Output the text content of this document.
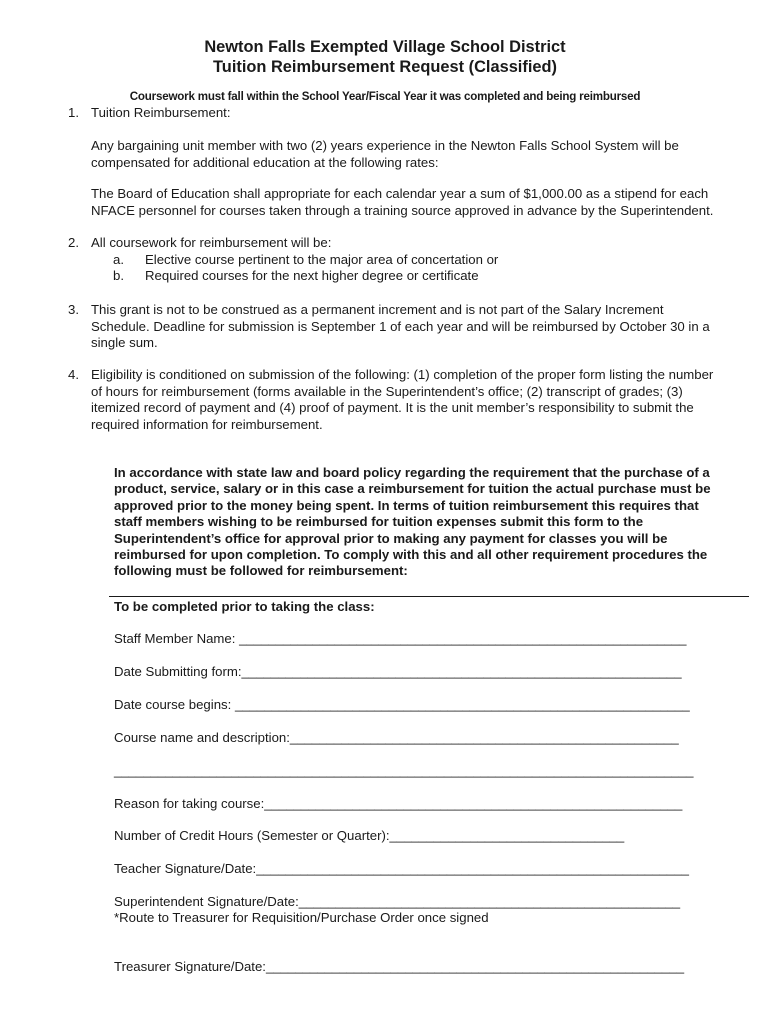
Newton Falls Exempted Village School District
Tuition Reimbursement Request (Classified)
Coursework must fall within the School Year/Fiscal Year it was completed and being reimbursed
1. Tuition Reimbursement:
Any bargaining unit member with two (2) years experience in the Newton Falls School System will be
compensated for additional education at the following rates:
The Board of Education shall appropriate for each calendar year a sum of $1,000.00 as a stipend for each
NFACE personnel for courses taken through a training source approved in advance by the Superintendent.
2. All coursework for reimbursement will be:
a. Elective course pertinent to the major area of concertation or
b. Required courses for the next higher degree or certificate
3. This grant is not to be construed as a permanent increment and is not part of the Salary Increment
Schedule. Deadline for submission is September 1 of each year and will be reimbursed by October 30 in a
single sum.
4. Eligibility is conditioned on submission of the following: (1) completion of the proper form listing the number
of hours for reimbursement (forms available in the Superintendent’s office; (2) transcript of grades; (3)
itemized record of payment and (4) proof of payment. It is the unit member’s responsibility to submit the
required information for reimbursement.
In accordance with state law and board policy regarding the requirement that the purchase of a
product, service, salary or in this case a reimbursement for tuition the actual purchase must be
approved prior to the money being spent. In terms of tuition reimbursement this requires that
staff members wishing to be reimbursed for tuition expenses submit this form to the
Superintendent’s office for approval prior to making any payment for classes you will be
reimbursed for upon completion. To comply with this and all other requirement procedures the
following must be followed for reimbursement:
To be completed prior to taking the class:
Staff Member Name: _____________________________________________________________
Date Submitting form:____________________________________________________________
Date course begins: ______________________________________________________________
Course name and description:_____________________________________________________
_______________________________________________________________________________
Reason for taking course:_________________________________________________________
Number of Credit Hours (Semester or Quarter):________________________________
Teacher Signature/Date:___________________________________________________________
Superintendent Signature/Date:____________________________________________________
*Route to Treasurer for Requisition/Purchase Order once signed
Treasurer Signature/Date:_________________________________________________________
